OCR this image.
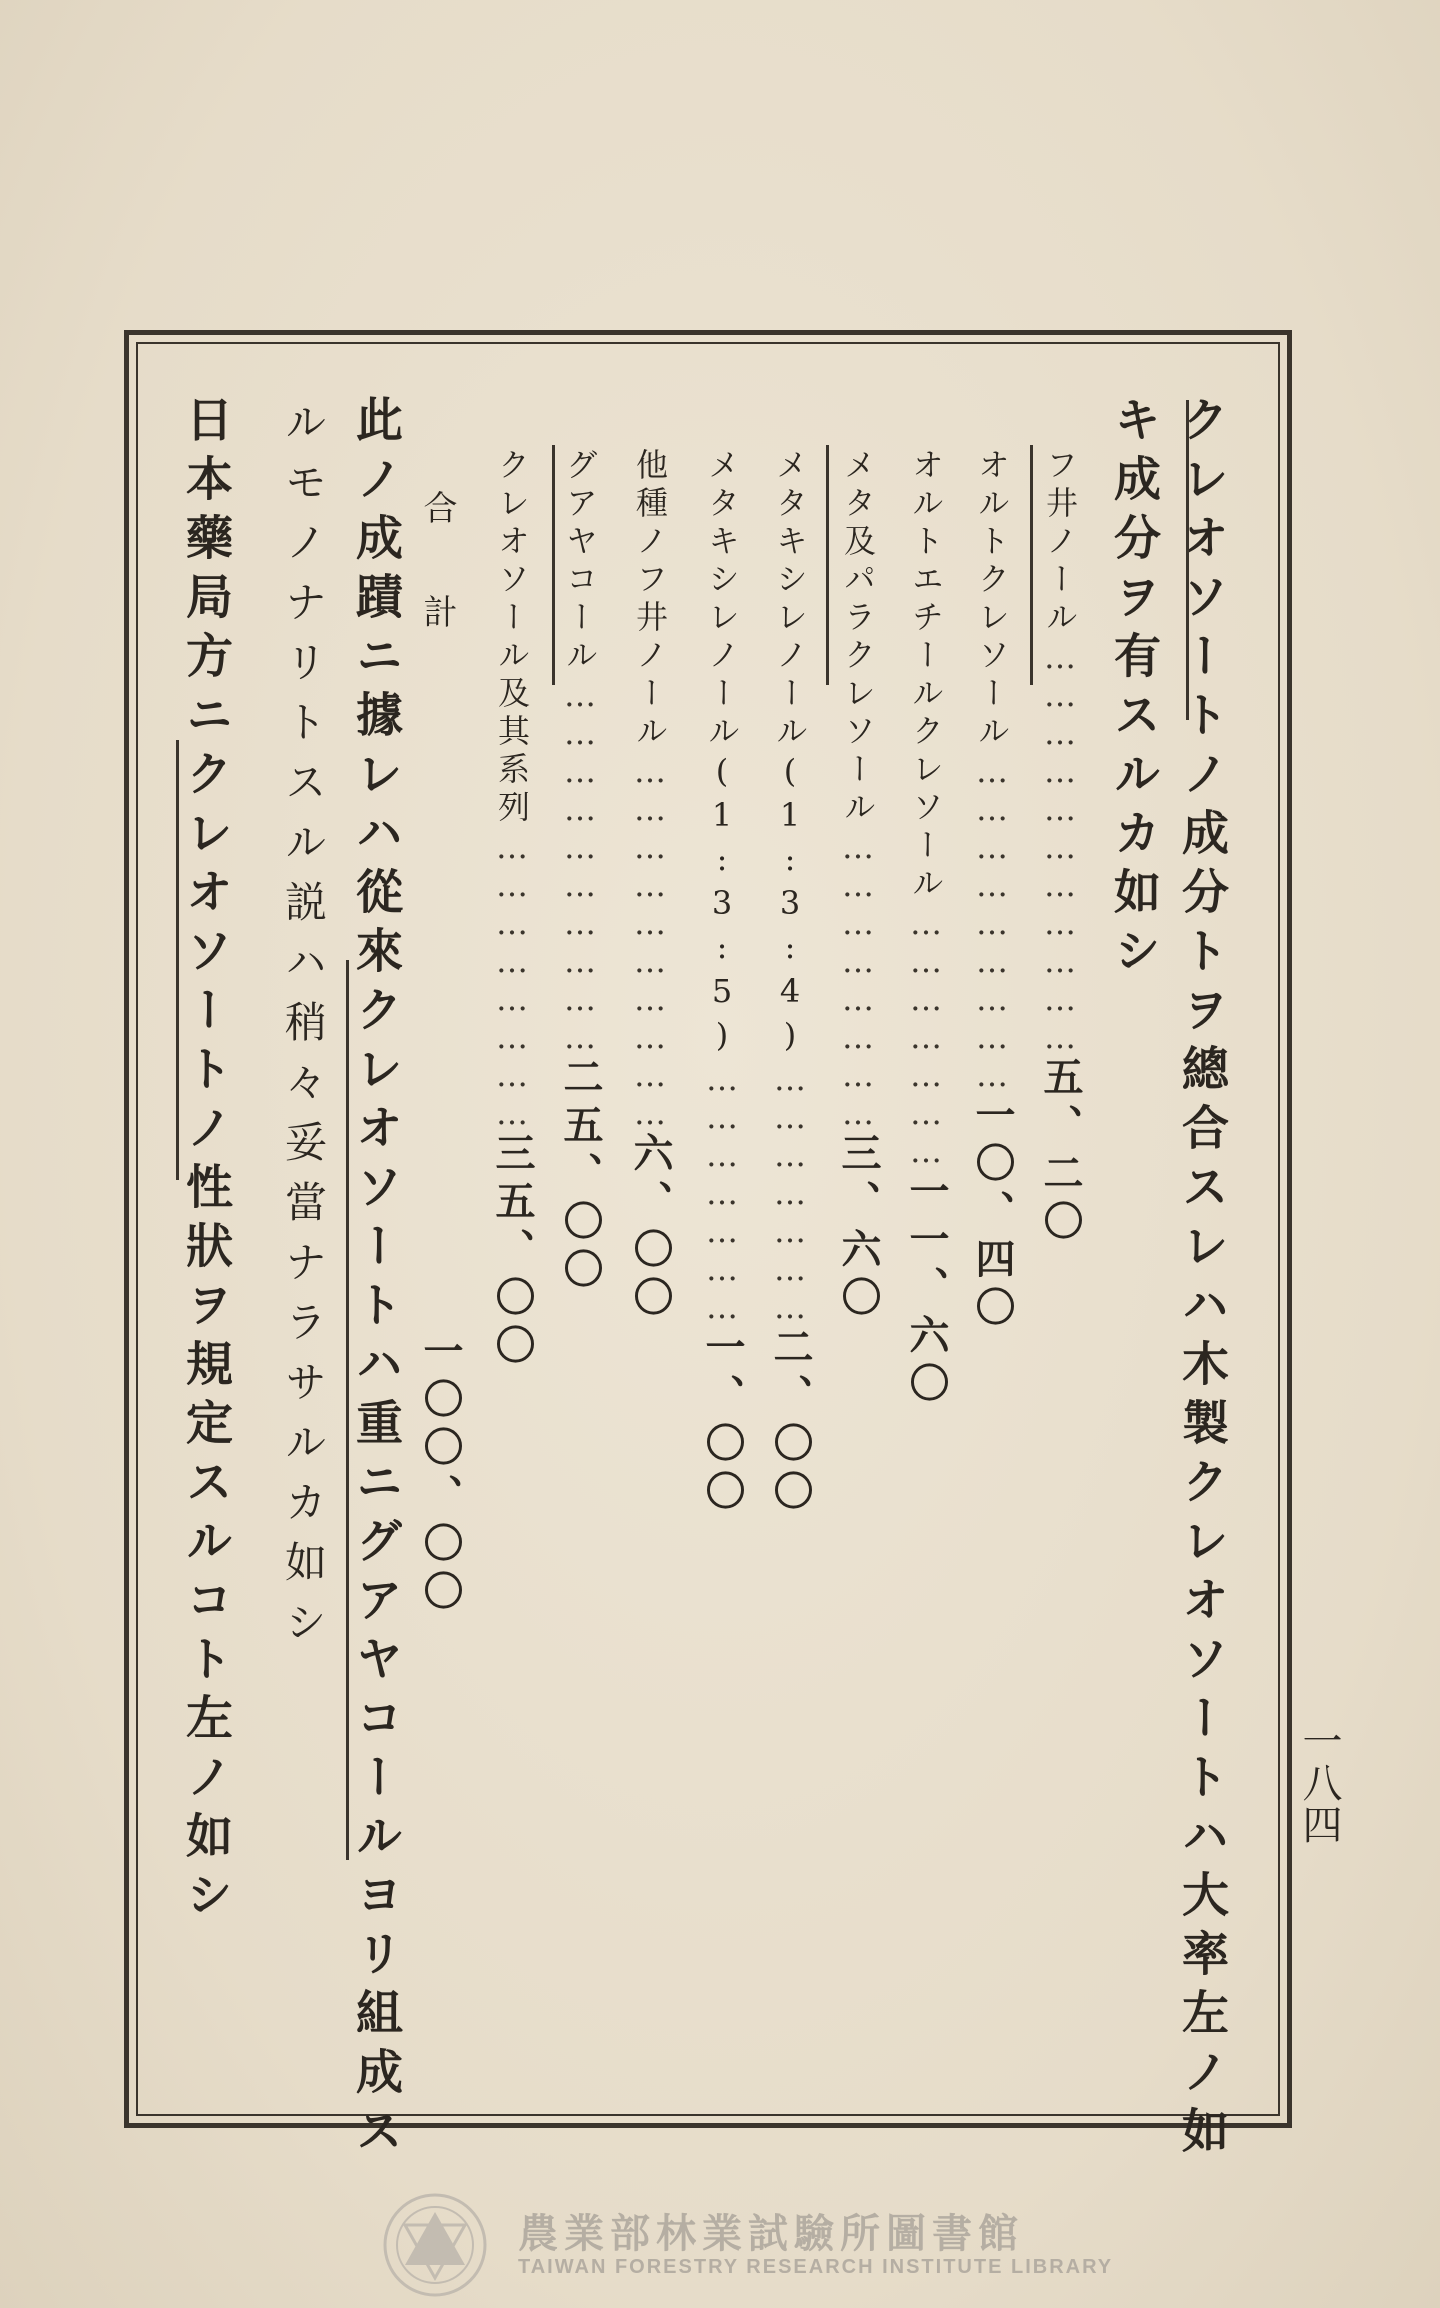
一八四
クレオソートノ成分トヲ總合スレハ木製クレオソートハ大率左ノ如
キ成分ヲ有スルカ如シ
フ井ノール……………………………五、二〇
オルトクレソール………………………一〇、四〇
オルトエチールクレソール…………………一一、六〇
メタ及パラクレソール……………………三、六〇
メタキシレノール(1:3:4)…………………二、〇〇
メタキシレノール(1:3:5)…………………一、〇〇
他種ノフ井ノール…………………………六、〇〇
グアヤコール…………………………二五、〇〇
クレオソール及其系列……………………三五、〇〇
合　計
一〇〇、〇〇
此ノ成蹟ニ據レハ從來クレオソートハ重ニグアヤコールヨリ組成ス
ルモノナリトスル説ハ稍々妥當ナラサルカ如シ
日本藥局方ニクレオソートノ性狀ヲ規定スルコト左ノ如シ
農業部林業試驗所圖書館
TAIWAN FORESTRY RESEARCH INSTITUTE LIBRARY
